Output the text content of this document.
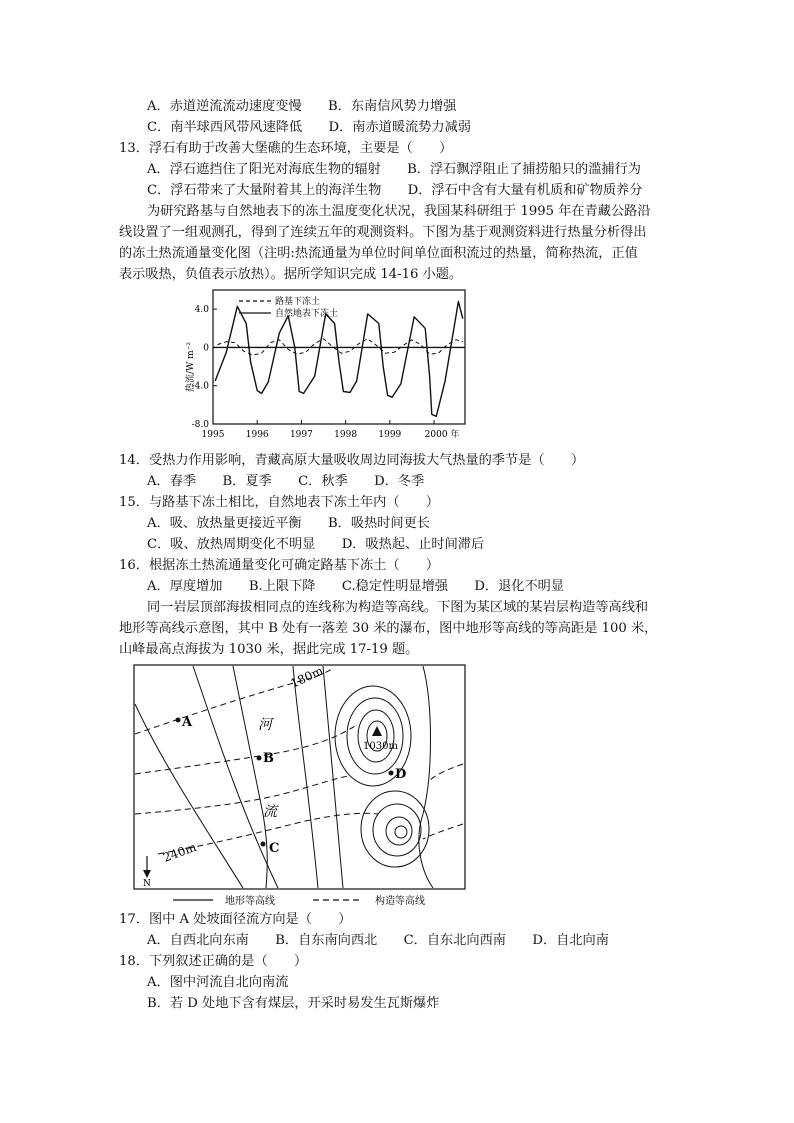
A．赤道逆流流动速度变慢　　B．东南信风势力增强
C．南半球西风带风速降低　　D．南赤道暖流势力减弱
13．浮石有助于改善大堡礁的生态环境，主要是（　　）
A．浮石遮挡住了阳光对海底生物的辐射　　B．浮石飘浮阻止了捕捞船只的滥捕行为
C．浮石带来了大量附着其上的海洋生物　　D．浮石中含有大量有机质和矿物质养分
为研究路基与自然地表下的冻土温度变化状况，我国某科研组于 1995 年在青藏公路沿
线设置了一组观测孔，得到了连续五年的观测资料。下图为基于观测资料进行热量分析得出
的冻土热流通量变化图（注明:热流通量为单位时间单位面积流过的热量，简称热流，正值
表示吸热，负值表示放热）。据所学知识完成 14-16 小题。
4.0
0
-4.0
-8.0
1995 1996 1997 1998 1999	2000 年
热流/W m⁻²
路基下冻土
自然地表下冻土
14．受热力作用影响，青藏高原大量吸收周边同海拔大气热量的季节是（　　）
A．春季　　B．夏季　　C．秋季　　D．冬季
15．与路基下冻土相比，自然地表下冻土年内（　　）
A．吸、放热量更接近平衡　　B．吸热时间更长
C．吸、放热周期变化不明显　　D．吸热起、止时间滞后
16．根据冻土热流通量变化可确定路基下冻土（　　）
A．厚度增加　　B.上限下降　　C.稳定性明显增强　　D．退化不明显
同一岩层顶部海拔相同点的连线称为构造等高线。下图为某区域的某岩层构造等高线和
地形等高线示意图，其中 B 处有一落差 30 米的瀑布，图中地形等高线的等高距是 100 米，
山峰最高点海拔为 1030 米，据此完成 17-19 题。
1030m
180m
240m
河
流
A
B
C
D
N
地形等高线	构造等高线
17．图中 A 处坡面径流方向是（　　）
A．自西北向东南　　B．自东南向西北　　C．自东北向西南　　D．自北向南
18．下列叙述正确的是（　　）
A．图中河流自北向南流
B．若 D 处地下含有煤层，开采时易发生瓦斯爆炸
